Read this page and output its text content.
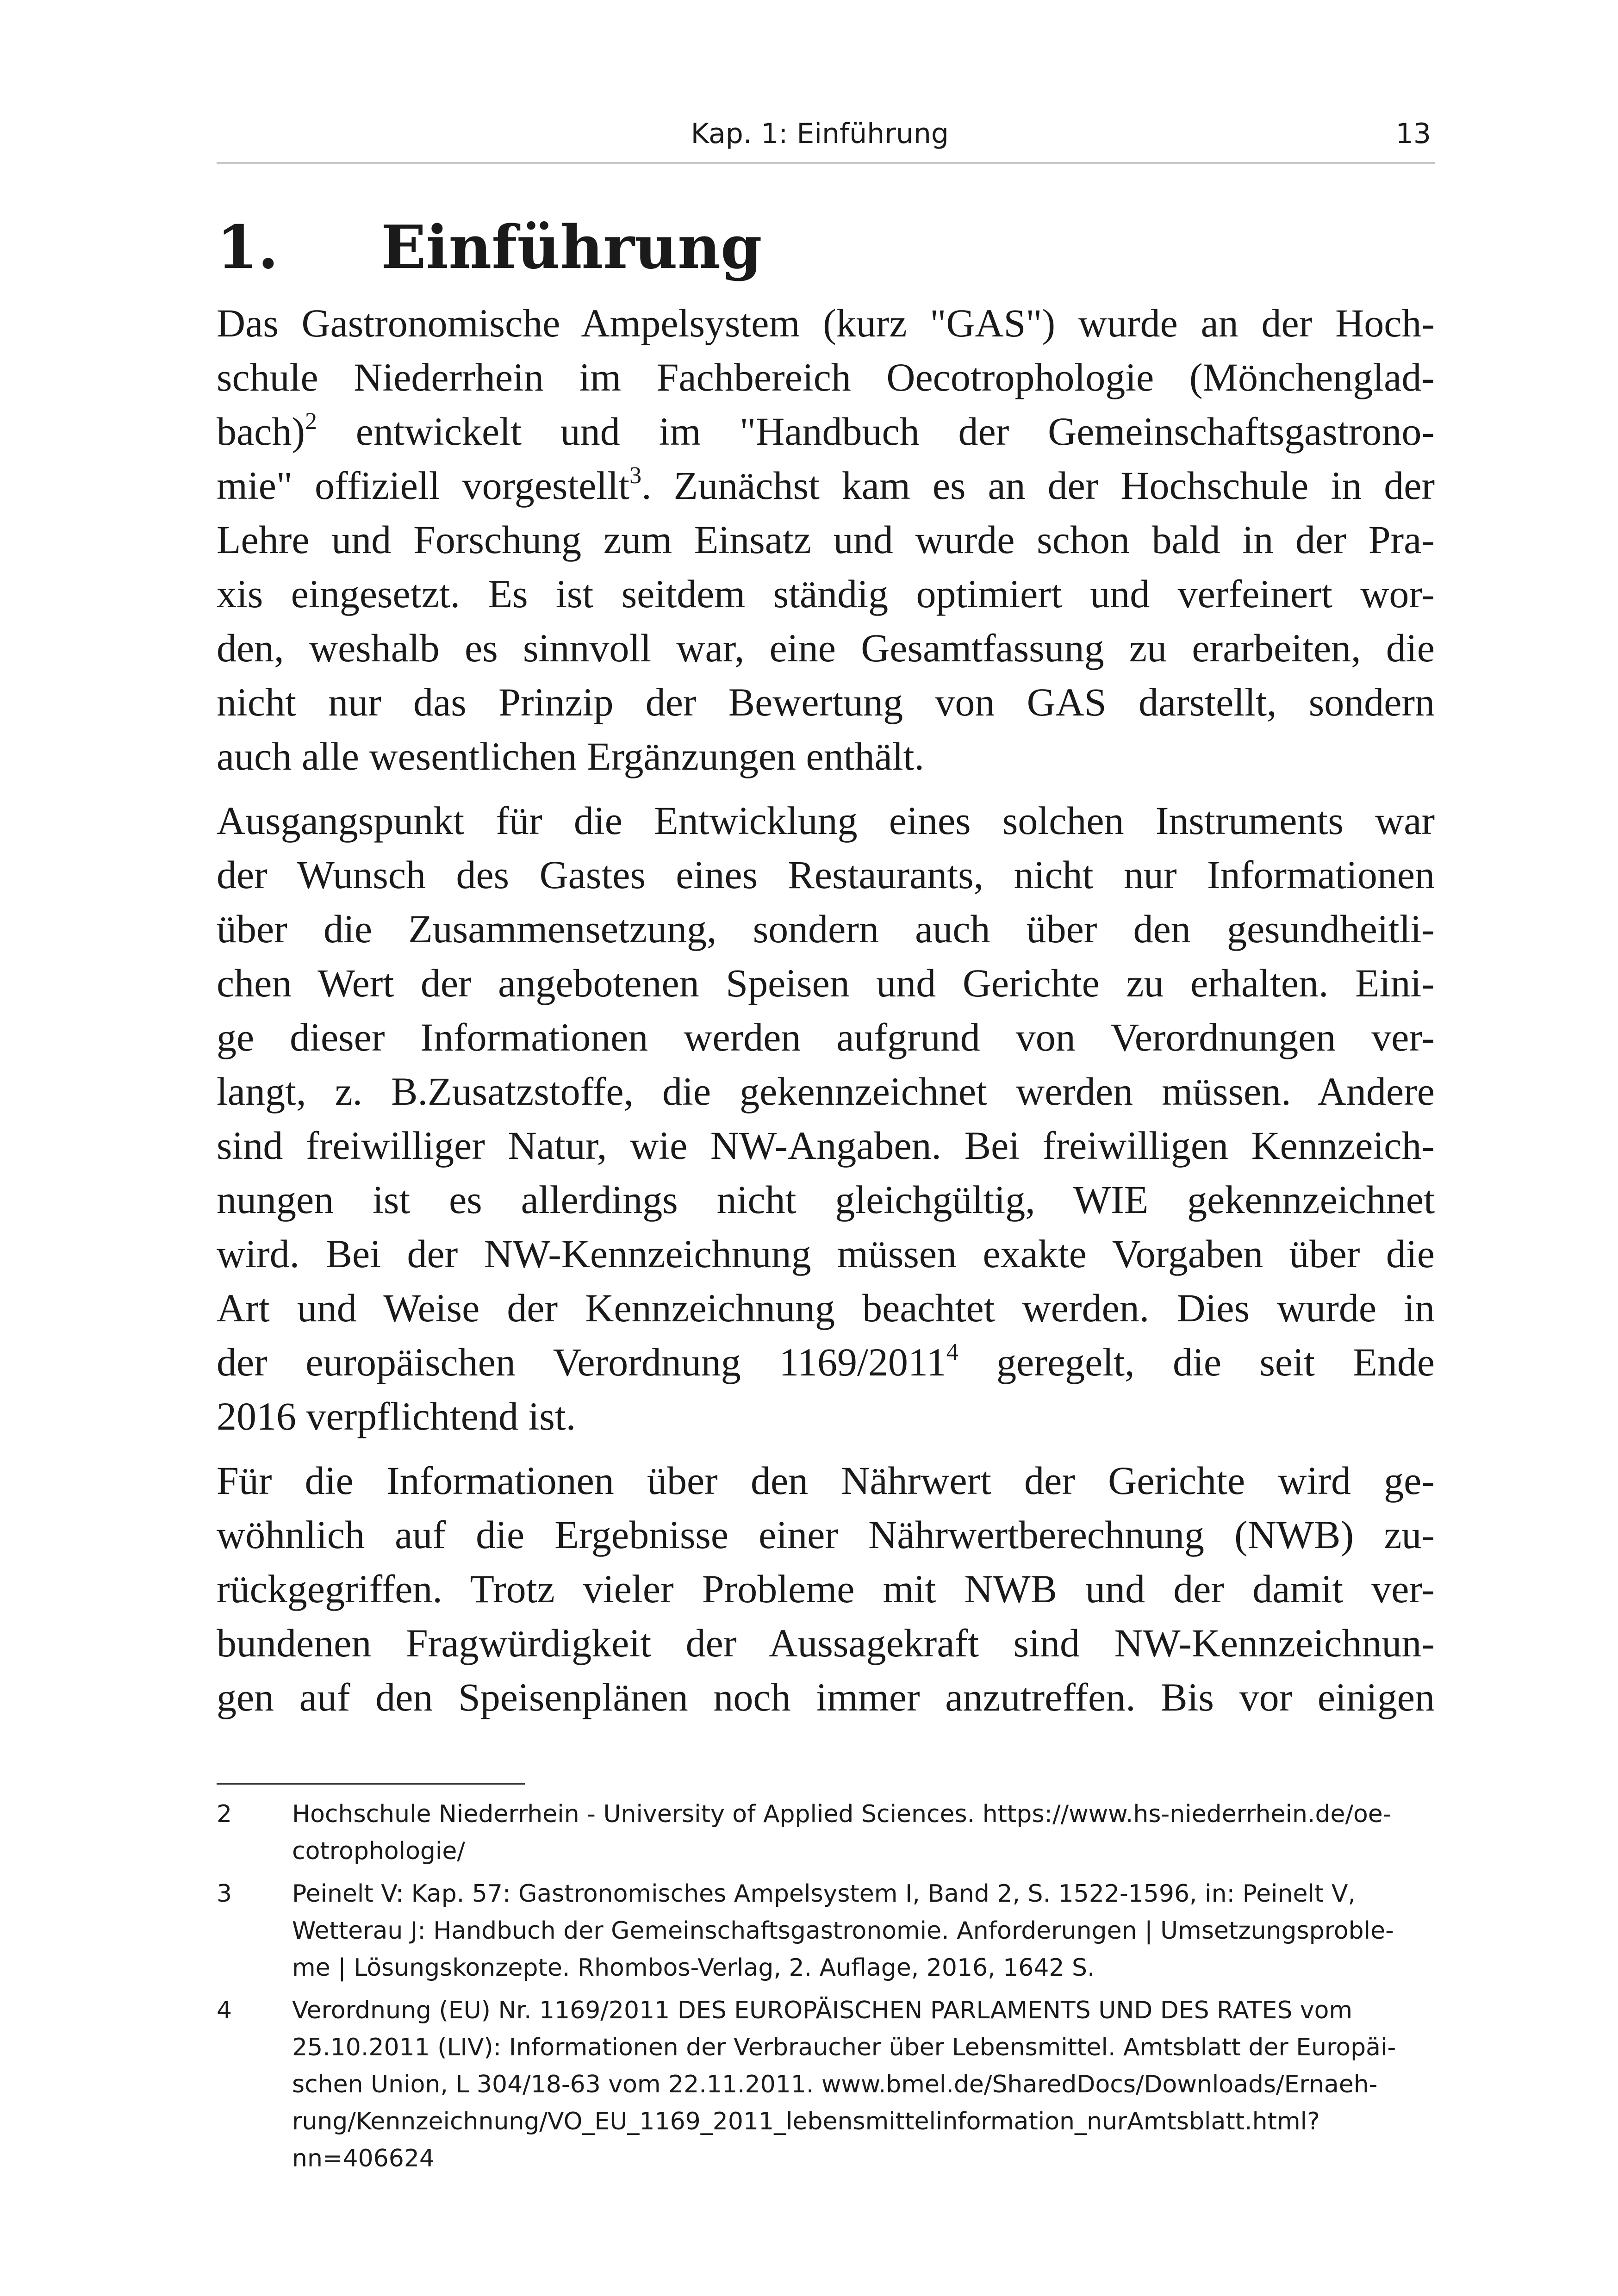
Kap. 1: Einführung	13
1. Einführung
Das Gastronomische Ampelsystem (kurz "GAS") wurde an der Hoch-
schule Niederrhein im Fachbereich Oecotrophologie (Mönchenglad-
bach)$^2$ entwickelt und im "Handbuch der Gemeinschaftsgastrono-
mie" offiziell vorgestellt$^3$. Zunächst kam es an der Hochschule in der
Lehre und Forschung zum Einsatz und wurde schon bald in der Pra-
xis eingesetzt. Es ist seitdem ständig optimiert und verfeinert wor-
den, weshalb es sinnvoll war, eine Gesamtfassung zu erarbeiten, die
nicht nur das Prinzip der Bewertung von GAS darstellt, sondern
auch alle wesentlichen Ergänzungen enthält.
Ausgangspunkt für die Entwicklung eines solchen Instruments war
der Wunsch des Gastes eines Restaurants, nicht nur Informationen
über die Zusammensetzung, sondern auch über den gesundheitli-
chen Wert der angebotenen Speisen und Gerichte zu erhalten. Eini-
ge dieser Informationen werden aufgrund von Verordnungen ver-
langt, z. B.Zusatzstoffe, die gekennzeichnet werden müssen. Andere
sind freiwilliger Natur, wie NW-Angaben. Bei freiwilligen Kennzeich-
nungen ist es allerdings nicht gleichgültig, WIE gekennzeichnet
wird. Bei der NW-Kennzeichnung müssen exakte Vorgaben über die
Art und Weise der Kennzeichnung beachtet werden. Dies wurde in
der europäischen Verordnung 1169/2011$^4$ geregelt, die seit Ende
2016 verpflichtend ist.
Für die Informationen über den Nährwert der Gerichte wird ge-
wöhnlich auf die Ergebnisse einer Nährwertberechnung (NWB) zu-
rückgegriffen. Trotz vieler Probleme mit NWB und der damit ver-
bundenen Fragwürdigkeit der Aussagekraft sind NW-Kennzeichnun-
gen auf den Speisenplänen noch immer anzutreffen. Bis vor einigen
2 Hochschule Niederrhein - University of Applied Sciences. https://www.hs-niederrhein.de/oe-
cotrophologie/
3 Peinelt V: Kap. 57: Gastronomisches Ampelsystem I, Band 2, S. 1522-1596, in: Peinelt V,
Wetterau J: Handbuch der Gemeinschaftsgastronomie. Anforderungen | Umsetzungsproble-
me | Lösungskonzepte. Rhombos-Verlag, 2. Auflage, 2016, 1642 S.
4 Verordnung (EU) Nr. 1169/2011 DES EUROPÄISCHEN PARLAMENTS UND DES RATES vom
25.10.2011 (LIV): Informationen der Verbraucher über Lebensmittel. Amtsblatt der Europäi-
schen Union, L 304/18-63 vom 22.11.2011. www.bmel.de/SharedDocs/Downloads/Ernaeh-
rung/Kennzeichnung/VO_EU_1169_2011_lebensmittelinformation_nurAmtsblatt.html?
nn=406624
